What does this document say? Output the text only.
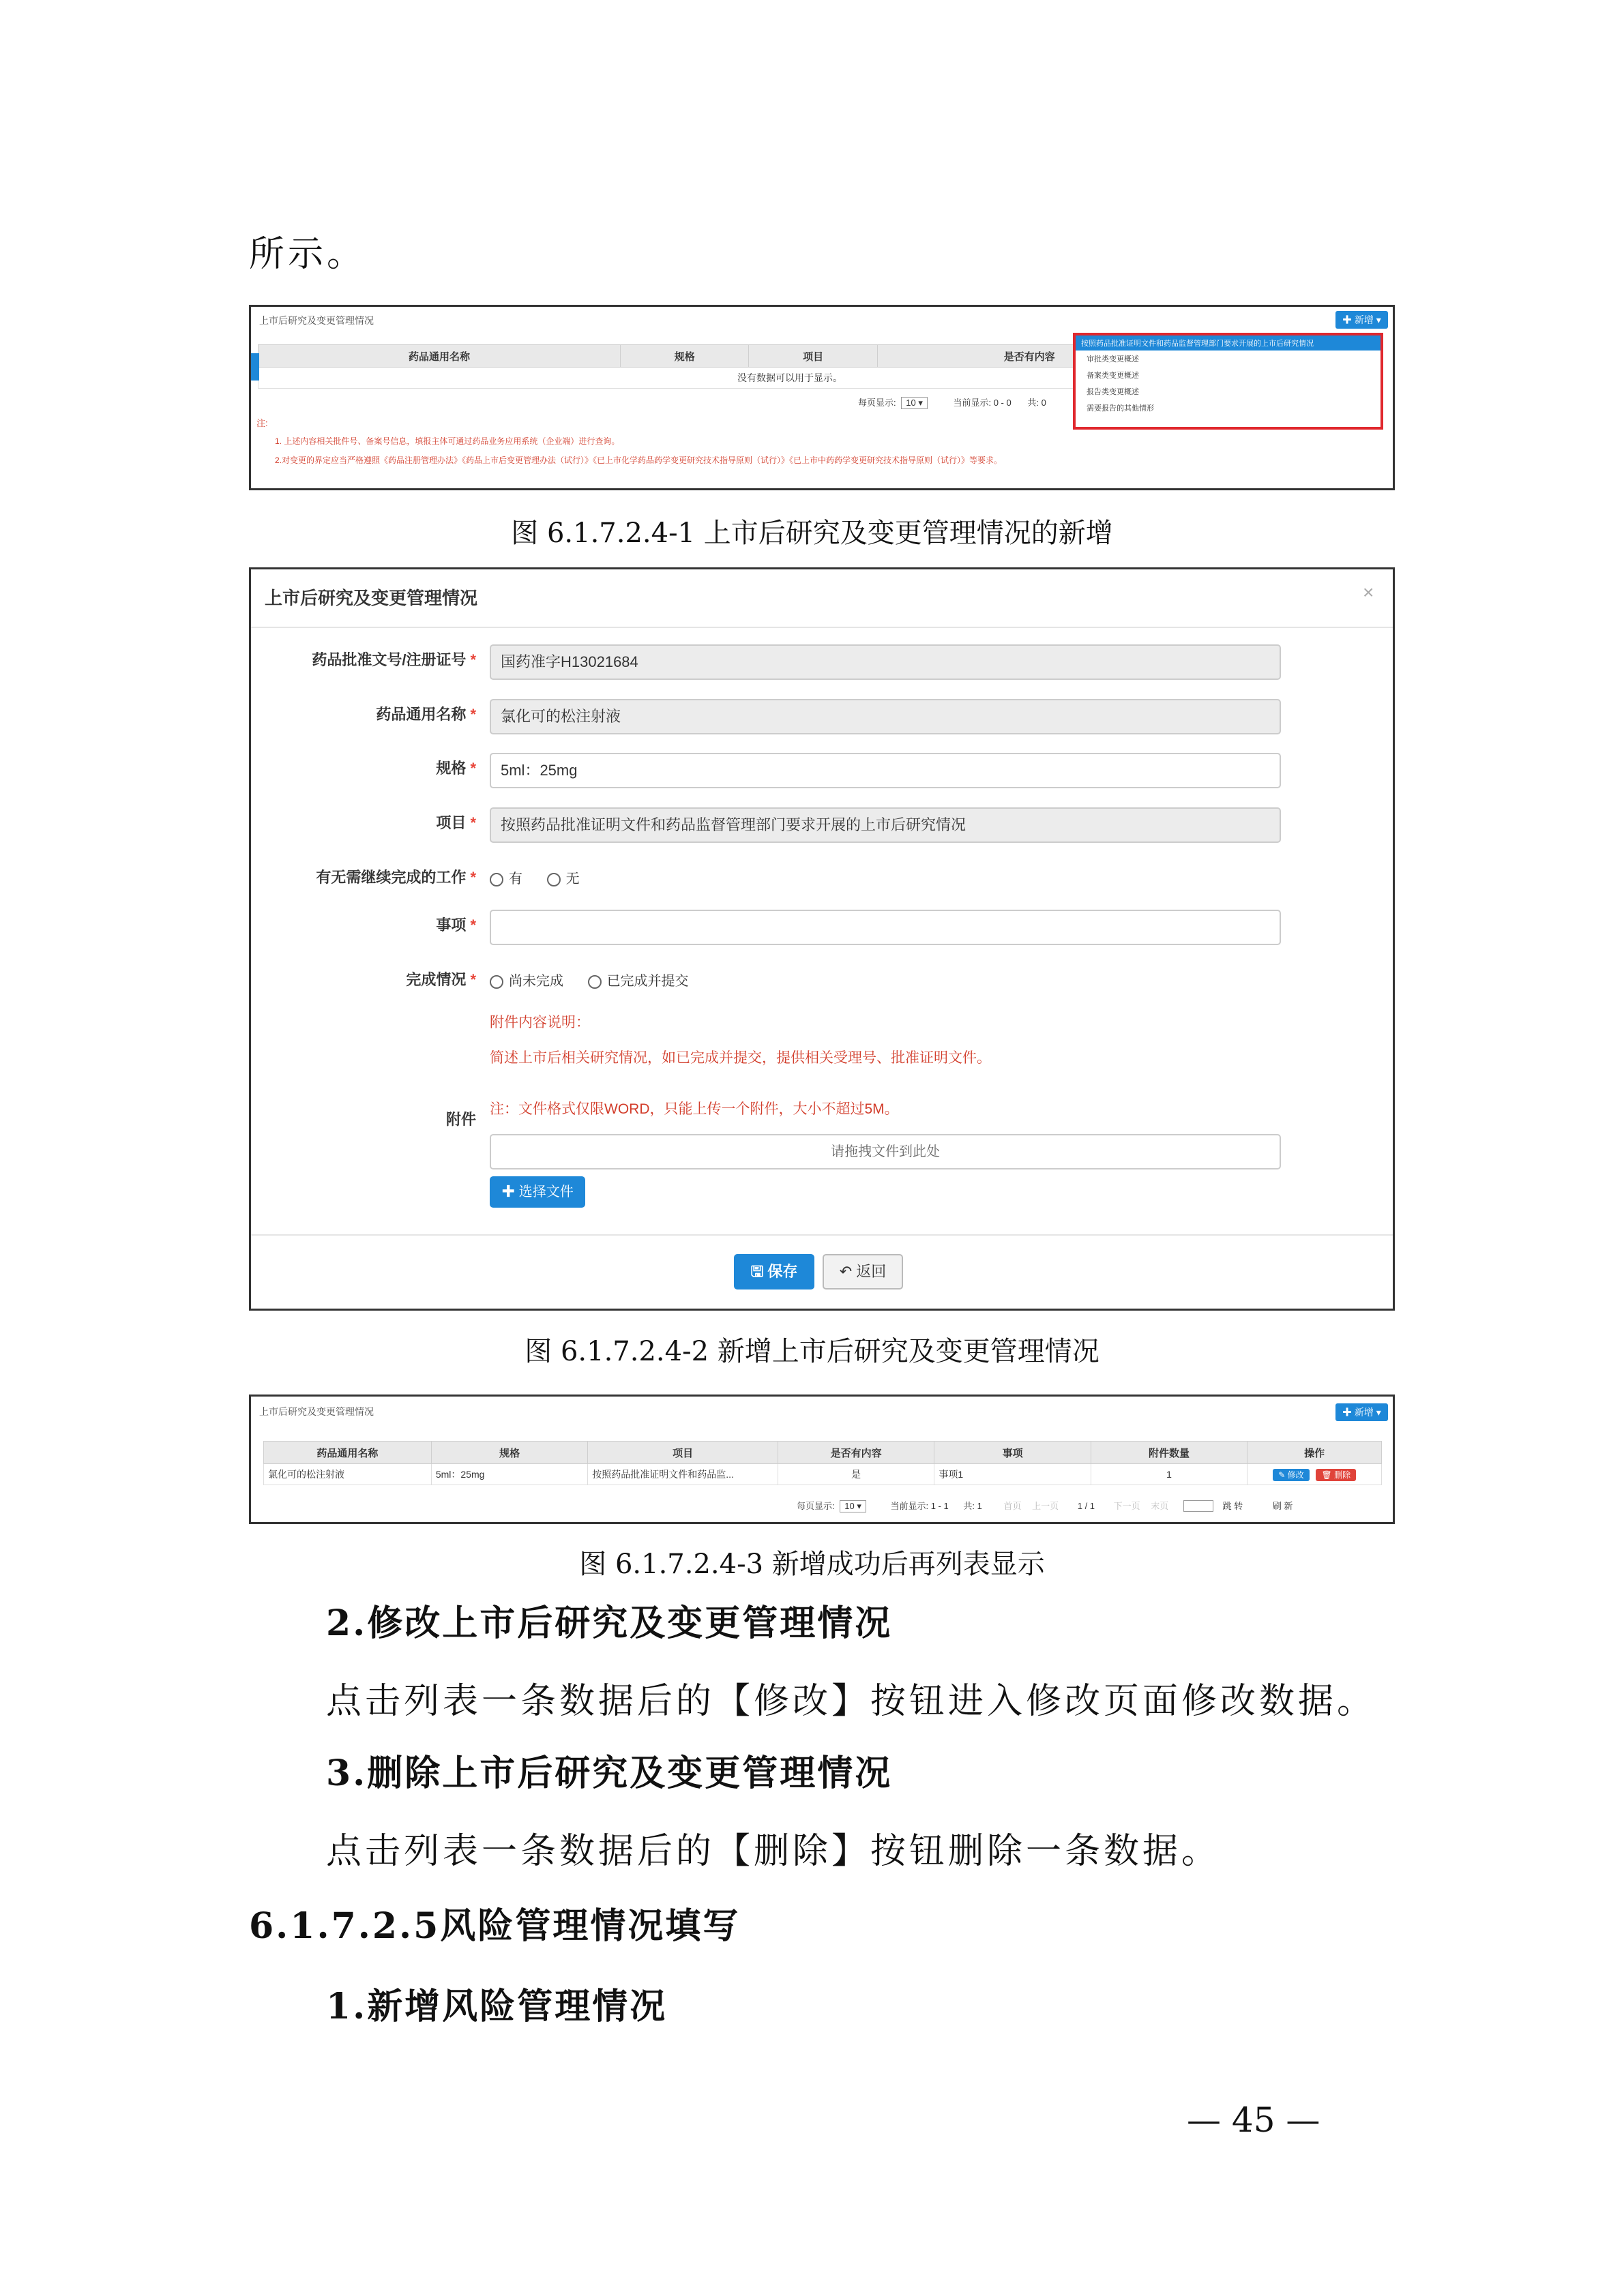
所示。
上市后研究及变更管理情况	✚ 新增 ▾
药品通用名称	规格	项目	是否有内容		
没有数据可以用于显示。
每页显示: 10 ▾	当前显示: 0 - 0 共: 0
注:
1. 上述内容相关批件号、备案号信息，填报主体可通过药品业务应用系统（企业端）进行查询。
2.对变更的界定应当严格遵照《药品注册管理办法》《药品上市后变更管理办法（试行）》《已上市化学药品药学变更研究技术指导原则（试行）》《已上市中药药学变更研究技术指导原则（试行）》等要求。
按照药品批准证明文件和药品监督管理部门要求开展的上市后研究情况
审批类变更概述
备案类变更概述
报告类变更概述
需要报告的其他情形
图 6.1.7.2.4-1 上市后研究及变更管理情况的新增
上市后研究及变更管理情况	×
药品批准文号/注册证号 *	国药准字H13021684
药品通用名称 *	氯化可的松注射液
规格 *	5ml：25mg
项目 *	按照药品批准证明文件和药品监督管理部门要求开展的上市后研究情况
有无需继续完成的工作 *	有	无
事项 *
完成情况 *	尚未完成	已完成并提交
附件内容说明：
简述上市后相关研究情况，如已完成并提交，提供相关受理号、批准证明文件。
附件
注：文件格式仅限WORD，只能上传一个附件，大小不超过5M。
请拖拽文件到此处
✚ 选择文件
🖫 保存	↶ 返回
图 6.1.7.2.4-2 新增上市后研究及变更管理情况
上市后研究及变更管理情况	✚ 新增 ▾
药品通用名称	规格	项目	是否有内容	事项	附件数量	操作
氯化可的松注射液	5ml：25mg	按照药品批准证明文件和药品监...	是	事项1	1	✎ 修改 🗑 删除
每页显示: 10 ▾	当前显示: 1 - 1 共: 1 首页 上一页 1 / 1 下一页 末页	跳 转	刷 新
图 6.1.7.2.4-3 新增成功后再列表显示
2.修改上市后研究及变更管理情况
点击列表一条数据后的【修改】按钮进入修改页面修改数据。
3.删除上市后研究及变更管理情况
点击列表一条数据后的【删除】按钮删除一条数据。
6.1.7.2.5风险管理情况填写
1.新增风险管理情况
— 45 —
